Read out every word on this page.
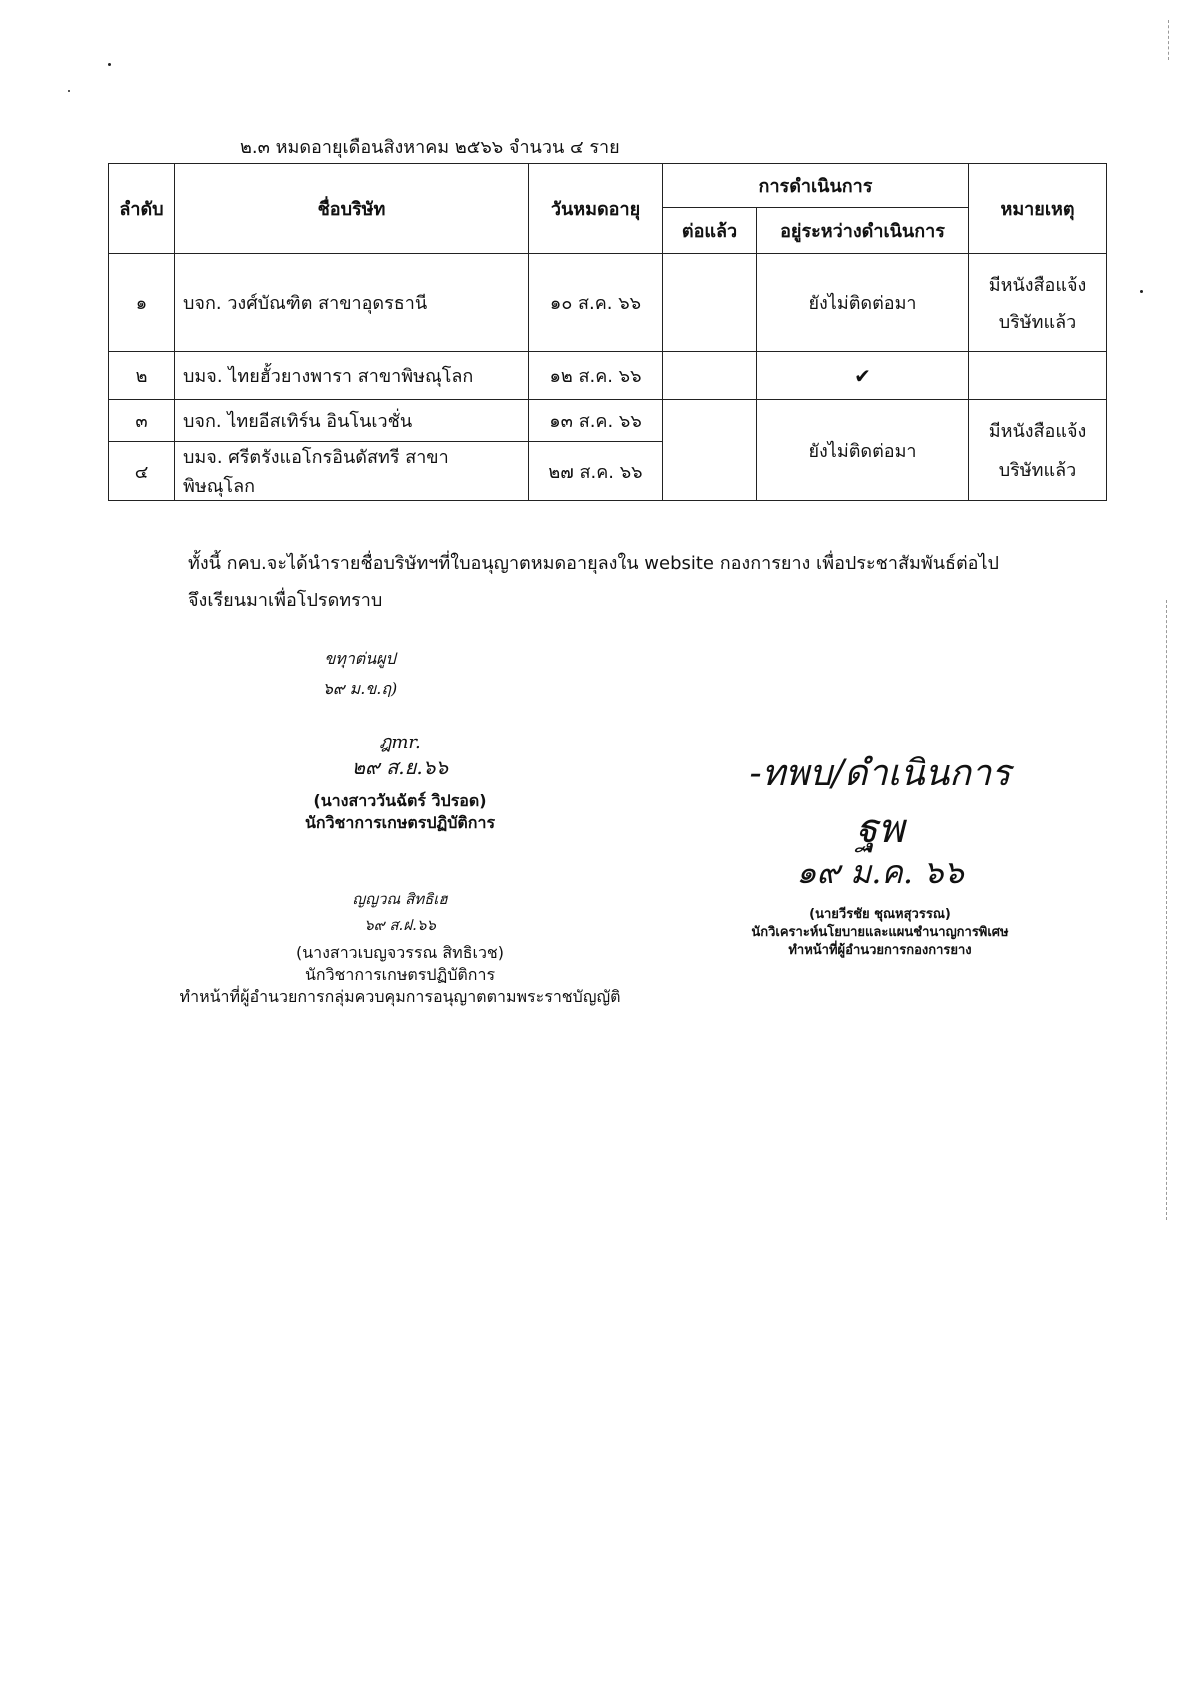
๒.๓ หมดอายุเดือนสิงหาคม ๒๕๖๖ จำนวน ๔ ราย
ลำดับ	ชื่อบริษัท	วันหมดอายุ	การดำเนินการ		หมายเหตุ
			ต่อแล้ว	อยู่ระหว่างดำเนินการ	
๑	บจก. วงศ์บัณฑิต สาขาอุดรธานี	๑๐ ส.ค. ๖๖		ยังไม่ติดต่อมา	มีหนังสือแจ้ง
บริษัทแล้ว

๒	บมจ. ไทยฮั้วยางพารา สาขาพิษณุโลก	๑๒ ส.ค. ๖๖		✔	
๓	บจก. ไทยอีสเทิร์น อินโนเวชั่น	๑๓ ส.ค. ๖๖		ยังไม่ติดต่อมา	มีหนังสือแจ้ง
บริษัทแล้ว

๔	บมจ. ศรีตรังแอโกรอินดัสทรี สาขาพิษณุโลก	๒๗ ส.ค. ๖๖			
ทั้งนี้ กคบ.จะได้นำรายชื่อบริษัทฯที่ใบอนุญาตหมดอายุลงใน website กองการยาง เพื่อประชาสัมพันธ์ต่อไป
จึงเรียนมาเพื่อโปรดทราบ
ขทุาต่นผูป
๖๙ ม.ข.ฤ)
ฎmr.
๒๙ ส.ย.๖๖
(นางสาววันฉัตร์ วิปรอด)
นักวิชาการเกษตรปฏิบัติการ
ญญวณ สิทธิเฮ
๖๙ ส.ฝ.๖๖
(นางสาวเบญจวรรณ สิทธิเวช)
นักวิชาการเกษตรปฏิบัติการ
ทำหน้าที่ผู้อำนวยการกลุ่มควบคุมการอนุญาตตามพระราชบัญญัติ
-ทพบ/ดำเนินการ
ฐพ
๑๙ ม.ค. ๖๖
(นายวีรชัย ชุณหสุวรรณ)
นักวิเคราะห์นโยบายและแผนชำนาญการพิเศษ
ทำหน้าที่ผู้อำนวยการกองการยาง
